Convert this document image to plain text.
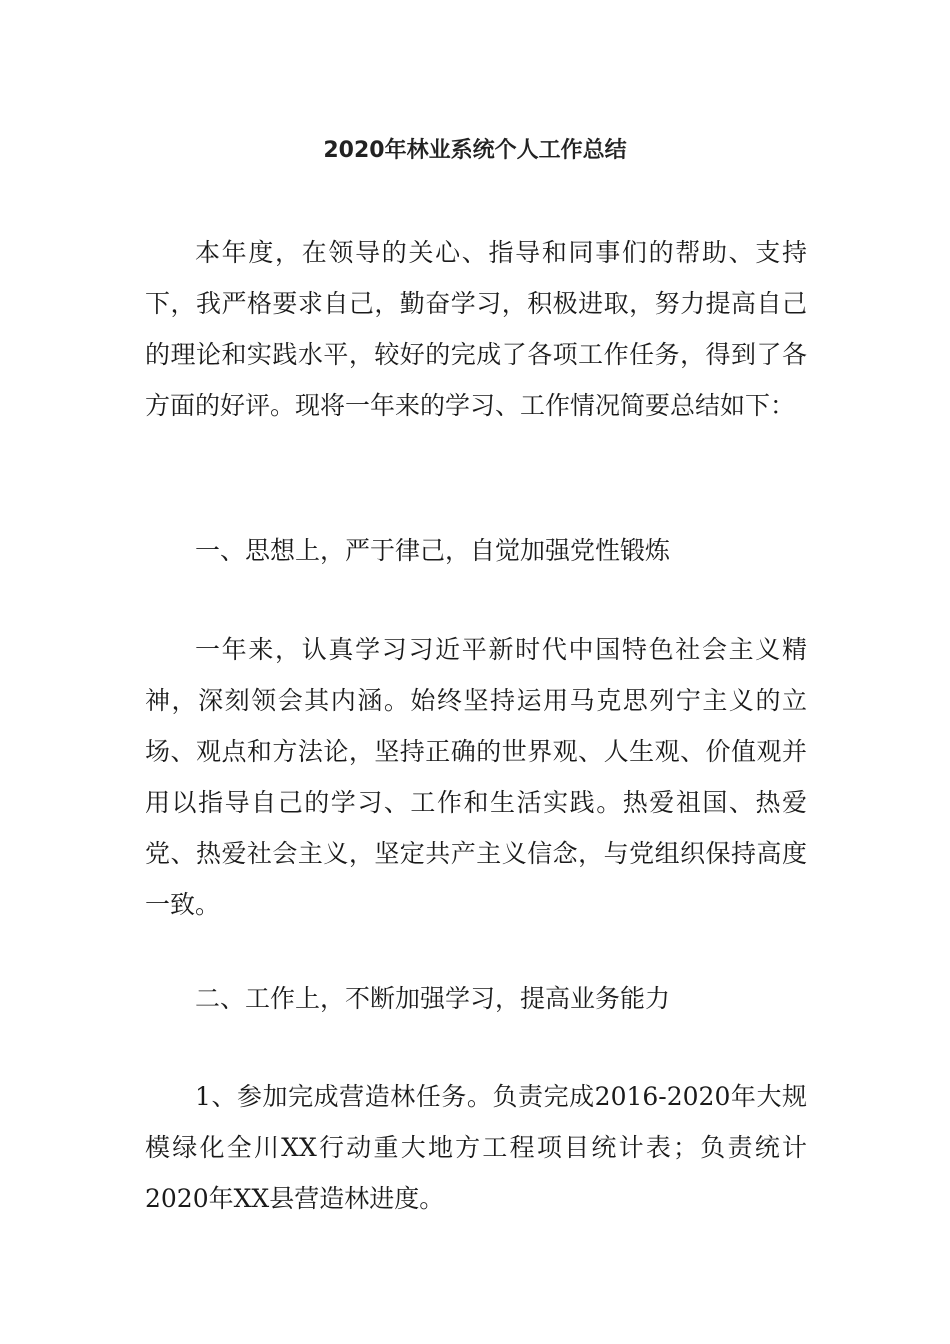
2020年林业系统个人工作总结

本年度，在领导的关心、指导和同事们的帮助、支持下，我严格要求自己，勤奋学习，积极进取，努力提高自己的理论和实践水平，较好的完成了各项工作任务，得到了各方面的好评。现将一年来的学习、工作情况简要总结如下：

一、思想上，严于律己，自觉加强党性锻炼

一年来，认真学习习近平新时代中国特色社会主义精神，深刻领会其内涵。始终坚持运用马克思列宁主义的立场、观点和方法论，坚持正确的世界观、人生观、价值观并用以指导自己的学习、工作和生活实践。热爱祖国、热爱党、热爱社会主义，坚定共产主义信念，与党组织保持高度一致。

二、工作上，不断加强学习，提高业务能力

1、参加完成营造林任务。负责完成2016-2020年大规模绿化全川XX行动重大地方工程项目统计表；负责统计2020年XX县营造林进度。
